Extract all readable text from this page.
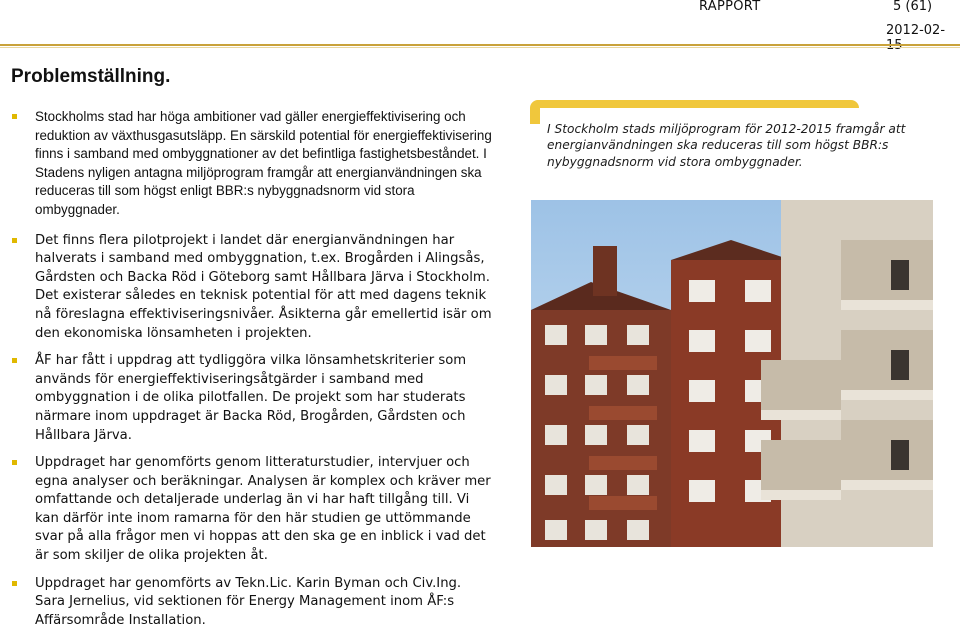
RAPPORT	5 (61)
2012-02-
Problemställning.
Stockholms stad har höga ambitioner vad gäller energieffektivisering och reduktion av växthusgasutsläpp. En särskild potential för energieffektivisering finns i samband med ombyggnationer av det befintliga fastighetsbeståndet. I Stadens nyligen antagna miljöprogram framgår att energianvändningen ska reduceras till som högst enligt BBR:s nybyggnadsnorm vid stora ombyggnader.
Det finns flera pilotprojekt i landet där energianvändningen har halverats i samband med ombyggnation, t.ex. Brogården i Alingsås, Gårdsten och Backa Röd i Göteborg samt Hållbara Järva i Stockholm. Det existerar således en teknisk potential för att med dagens teknik nå föreslagna effektiviseringsnivåer. Åsikterna går emellertid isär om den ekonomiska lönsamheten i projekten.
ÅF har fått i uppdrag att tydliggöra vilka lönsamhetskriterier som används för energieffektiviseringsåtgärder i samband med ombyggnation i de olika pilotfallen. De projekt som har studerats närmare inom uppdraget är Backa Röd, Brogården, Gårdsten och Hållbara Järva.
Uppdraget har genomförts genom litteraturstudier, intervjuer och egna analyser och beräkningar. Analysen är komplex och kräver mer omfattande och detaljerade underlag än vi har haft tillgång till. Vi kan därför inte inom ramarna för den här studien ge uttömmande svar på alla frågor men vi hoppas att den ska ge en inblick i vad det är som skiljer de olika projekten åt.
Uppdraget har genomförts av Tekn.Lic. Karin Byman och Civ.Ing. Sara Jernelius, vid sektionen för Energy Management inom ÅF:s Affärsområde Installation.
I Stockholm stads miljöprogram för 2012-2015 framgår att energianvändningen ska reduceras till som högst BBR:s nybyggnadsnorm vid stora ombyggnader.
